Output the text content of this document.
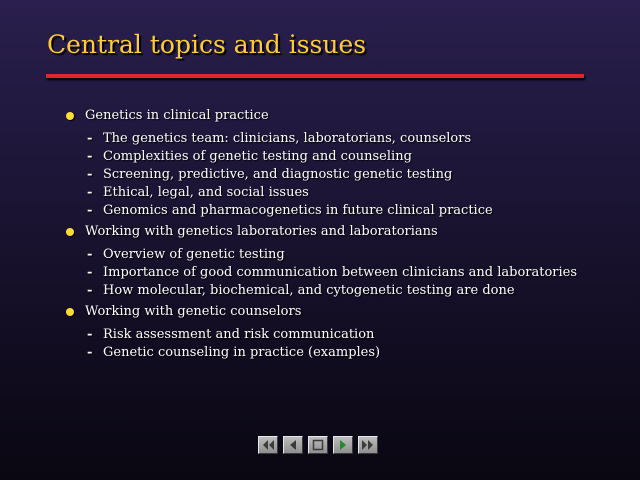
Central topics and issues
Genetics in clinical practice
- The genetics team: clinicians, laboratorians, counselors
- Complexities of genetic testing and counseling
- Screening, predictive, and diagnostic genetic testing
- Ethical, legal, and social issues
- Genomics and pharmacogenetics in future clinical practice
Working with genetics laboratories and laboratorians
- Overview of genetic testing
- Importance of good communication between clinicians and laboratories
- How molecular, biochemical, and cytogenetic testing are done
Working with genetic counselors
- Risk assessment and risk communication
- Genetic counseling in practice (examples)
